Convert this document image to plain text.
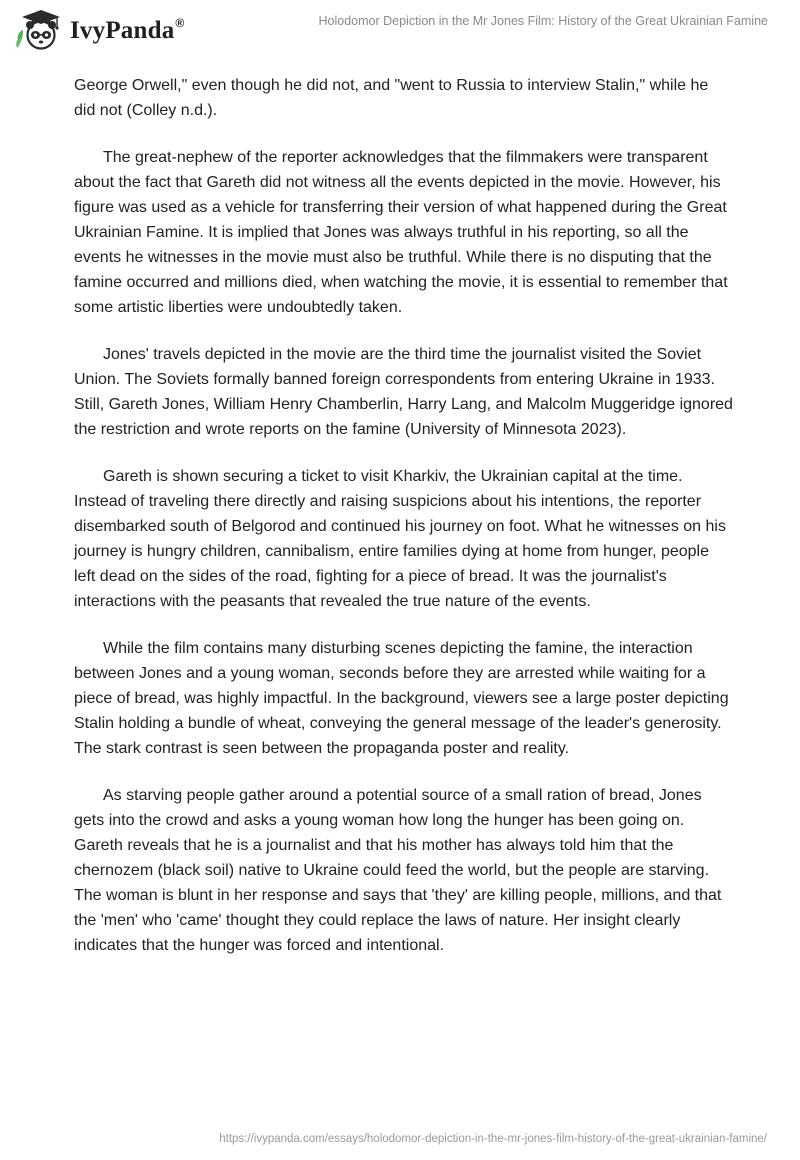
IvyPanda®	Holodomor Depiction in the Mr Jones Film: History of the Great Ukrainian Famine

George Orwell," even though he did not, and "went to Russia to interview Stalin," while he did not (Colley n.d.).

The great-nephew of the reporter acknowledges that the filmmakers were transparent about the fact that Gareth did not witness all the events depicted in the movie. However, his figure was used as a vehicle for transferring their version of what happened during the Great Ukrainian Famine. It is implied that Jones was always truthful in his reporting, so all the events he witnesses in the movie must also be truthful. While there is no disputing that the famine occurred and millions died, when watching the movie, it is essential to remember that some artistic liberties were undoubtedly taken.

Jones' travels depicted in the movie are the third time the journalist visited the Soviet Union. The Soviets formally banned foreign correspondents from entering Ukraine in 1933. Still, Gareth Jones, William Henry Chamberlin, Harry Lang, and Malcolm Muggeridge ignored the restriction and wrote reports on the famine (University of Minnesota 2023).

Gareth is shown securing a ticket to visit Kharkiv, the Ukrainian capital at the time. Instead of traveling there directly and raising suspicions about his intentions, the reporter disembarked south of Belgorod and continued his journey on foot. What he witnesses on his journey is hungry children, cannibalism, entire families dying at home from hunger, people left dead on the sides of the road, fighting for a piece of bread. It was the journalist's interactions with the peasants that revealed the true nature of the events.

While the film contains many disturbing scenes depicting the famine, the interaction between Jones and a young woman, seconds before they are arrested while waiting for a piece of bread, was highly impactful. In the background, viewers see a large poster depicting Stalin holding a bundle of wheat, conveying the general message of the leader's generosity. The stark contrast is seen between the propaganda poster and reality.

As starving people gather around a potential source of a small ration of bread, Jones gets into the crowd and asks a young woman how long the hunger has been going on. Gareth reveals that he is a journalist and that his mother has always told him that the chernozem (black soil) native to Ukraine could feed the world, but the people are starving. The woman is blunt in her response and says that 'they' are killing people, millions, and that the 'men' who 'came' thought they could replace the laws of nature. Her insight clearly indicates that the hunger was forced and intentional.

https://ivypanda.com/essays/holodomor-depiction-in-the-mr-jones-film-history-of-the-great-ukrainian-famine/
